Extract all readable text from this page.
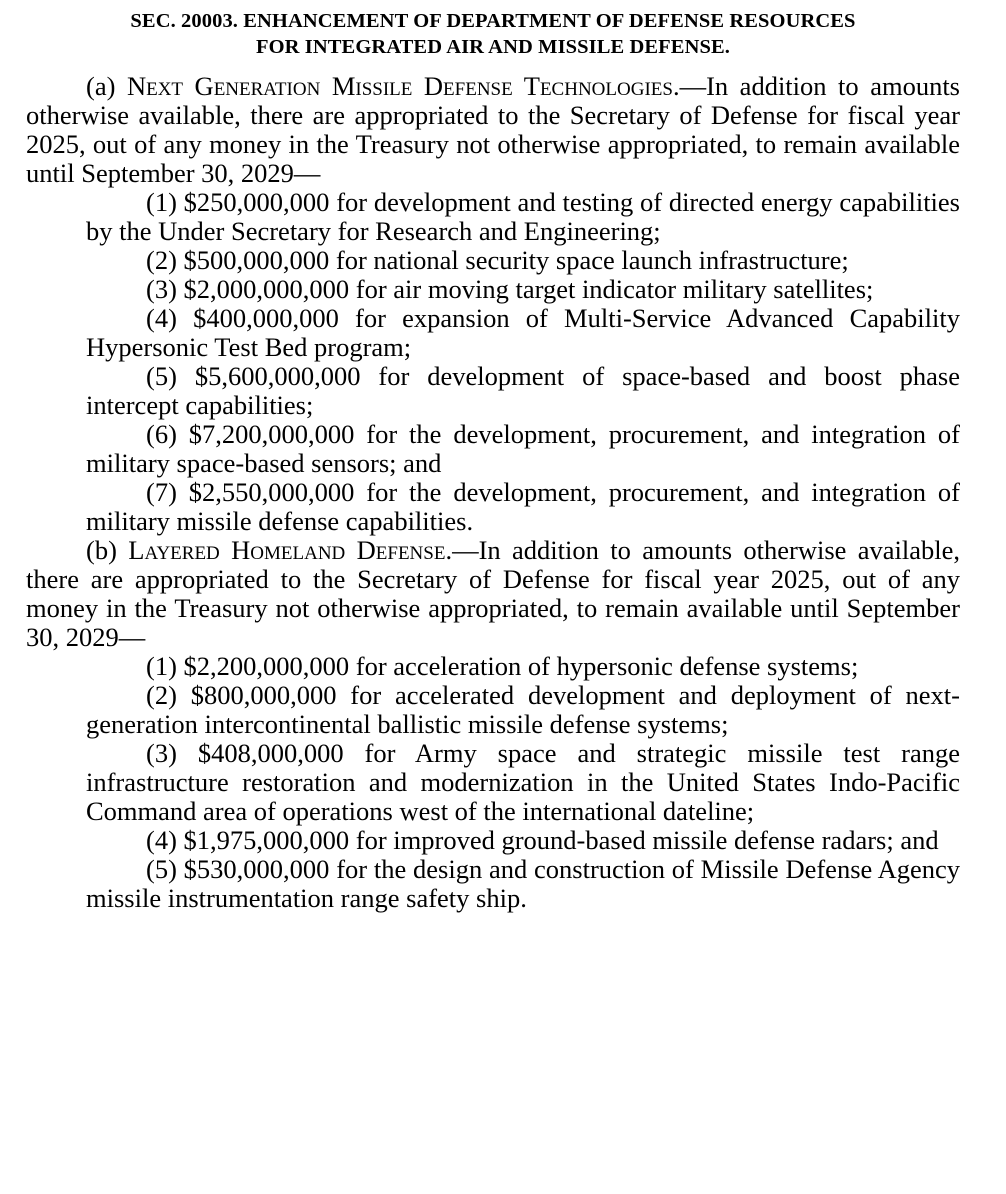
SEC. 20003. ENHANCEMENT OF DEPARTMENT OF DEFENSE RESOURCES
FOR INTEGRATED AIR AND MISSILE DEFENSE.

(a) Next Generation Missile Defense Technologies.—In addition to amounts otherwise available, there are appropriated to the Secretary of Defense for fiscal year 2025, out of any money in the Treasury not otherwise appropriated, to remain available until September 30, 2029—

(1) $250,000,000 for development and testing of directed energy capabilities by the Under Secretary for Research and Engineering;

(2) $500,000,000 for national security space launch infrastructure;

(3) $2,000,000,000 for air moving target indicator military satellites;

(4) $400,000,000 for expansion of Multi-Service Advanced Capability Hypersonic Test Bed program;

(5) $5,600,000,000 for development of space-based and boost phase intercept capabilities;

(6) $7,200,000,000 for the development, procurement, and integration of military space-based sensors; and

(7) $2,550,000,000 for the development, procurement, and integration of military missile defense capabilities.

(b) Layered Homeland Defense.—In addition to amounts otherwise available, there are appropriated to the Secretary of Defense for fiscal year 2025, out of any money in the Treasury not otherwise appropriated, to remain available until September 30, 2029—

(1) $2,200,000,000 for acceleration of hypersonic defense systems;

(2) $800,000,000 for accelerated development and deployment of next-generation intercontinental ballistic missile defense systems;

(3) $408,000,000 for Army space and strategic missile test range infrastructure restoration and modernization in the United States Indo-Pacific Command area of operations west of the international dateline;

(4) $1,975,000,000 for improved ground-based missile defense radars; and

(5) $530,000,000 for the design and construction of Missile Defense Agency missile instrumentation range safety ship.
